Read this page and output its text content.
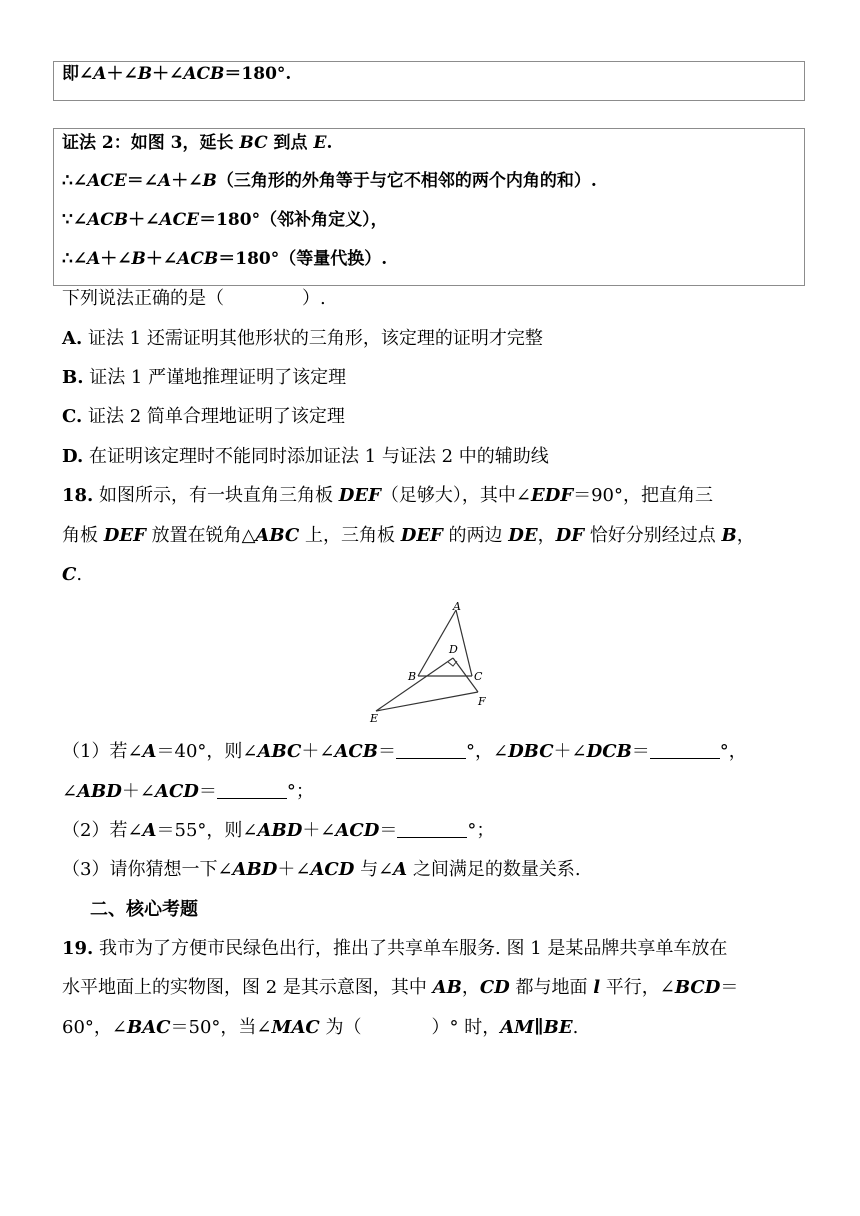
即∠A＋∠B＋∠ACB＝180°.
证法 2：如图 3，延长 BC 到点 E.
∴∠ACE＝∠A＋∠B（三角形的外角等于与它不相邻的两个内角的和）.
∵∠ACB＋∠ACE＝180°（邻补角定义），
∴∠A＋∠B＋∠ACB＝180°（等量代换）.
下列说法正确的是（	）.
A. 证法 1 还需证明其他形状的三角形，该定理的证明才完整
B. 证法 1 严谨地推理证明了该定理
C. 证法 2 简单合理地证明了该定理
D. 在证明该定理时不能同时添加证法 1 与证法 2 中的辅助线
18. 如图所示，有一块直角三角板 DEF（足够大），其中∠EDF＝90°，把直角三
角板 DEF 放置在锐角△ABC 上，三角板 DEF 的两边 DE，DF 恰好分别经过点 B，
C.
A
D
B	C
E
F
（1）若∠A＝40°，则∠ABC＋∠ACB＝	°，∠DBC＋∠DCB＝	°，
∠ABD＋∠ACD＝	°；
（2）若∠A＝55°，则∠ABD＋∠ACD＝	°；
（3）请你猜想一下∠ABD＋∠ACD 与∠A 之间满足的数量关系.
二、核心考题
19. 我市为了方便市民绿色出行，推出了共享单车服务. 图 1 是某品牌共享单车放在
水平地面上的实物图，图 2 是其示意图，其中 AB，CD 都与地面 l 平行，∠BCD＝
60°，∠BAC＝50°，当∠MAC 为（	）° 时，AM∥BE.
